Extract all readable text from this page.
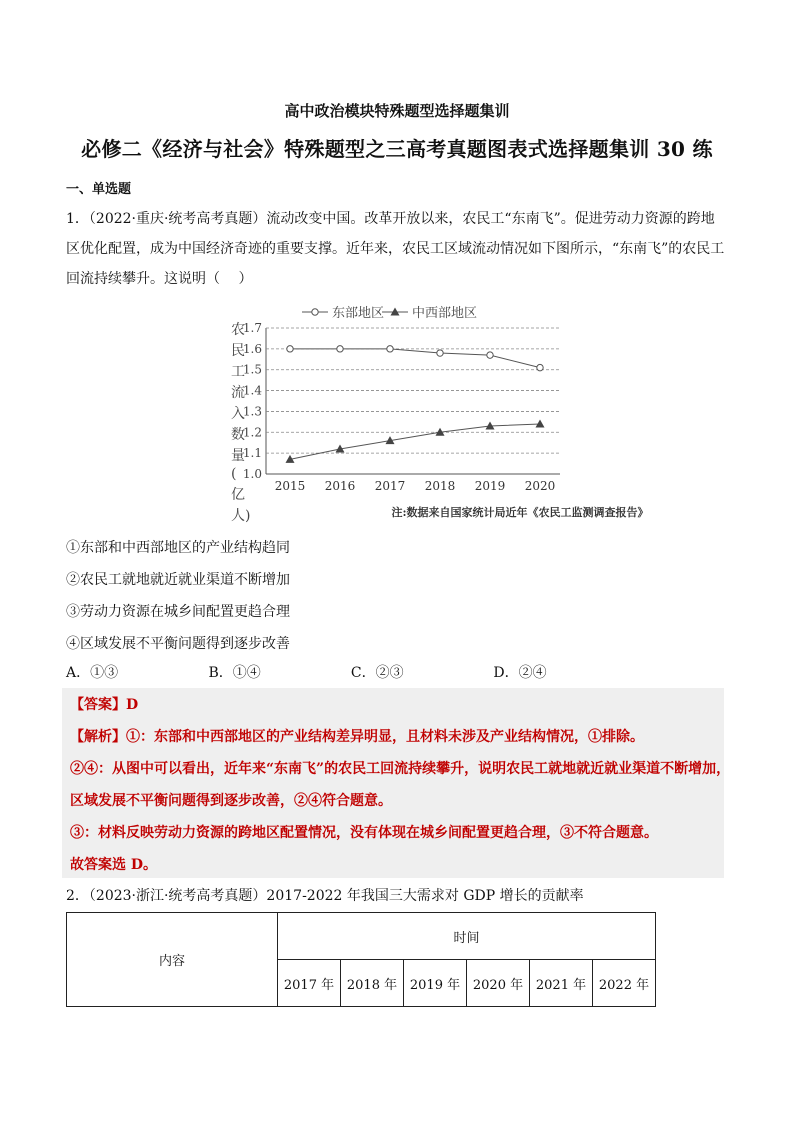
高中政治模块特殊题型选择题集训
必修二《经济与社会》特殊题型之三高考真题图表式选择题集训 30 练
一、单选题
1．（2022·重庆·统考高考真题）流动改变中国。改革开放以来，农民工“东南飞”。促进劳动力资源的跨地
区优化配置，成为中国经济奇迹的重要支撑。近年来，农民工区域流动情况如下图所示，“东南飞”的农民工
回流持续攀升。这说明（　 ）
东部地区 中西部地区
农
民
工
流
入
数
量
(
亿
人)
1.0
1.1
1.2
1.3
1.4
1.5
1.6
1.7
2015 2016 2017 2018 2019 2020
注:数据来自国家统计局近年《农民工监测调查报告》
①东部和中西部地区的产业结构趋同
②农民工就地就近就业渠道不断增加
③劳动力资源在城乡间配置更趋合理
④区域发展不平衡问题得到逐步改善
A．①③	B．①④	C．②③	D．②④
【答案】D
【解析】①：东部和中西部地区的产业结构差异明显，且材料未涉及产业结构情况，①排除。
②④：从图中可以看出，近年来“东南飞”的农民工回流持续攀升，说明农民工就地就近就业渠道不断增加，
区域发展不平衡问题得到逐步改善，②④符合题意。
③：材料反映劳动力资源的跨地区配置情况，没有体现在城乡间配置更趋合理，③不符合题意。
故答案选 D。
2．（2023·浙江·统考高考真题）2017-2022 年我国三大需求对 GDP 增长的贡献率
内容	时间					
	2017 年	2018 年	2019 年	2020 年	2021 年	2022 年
